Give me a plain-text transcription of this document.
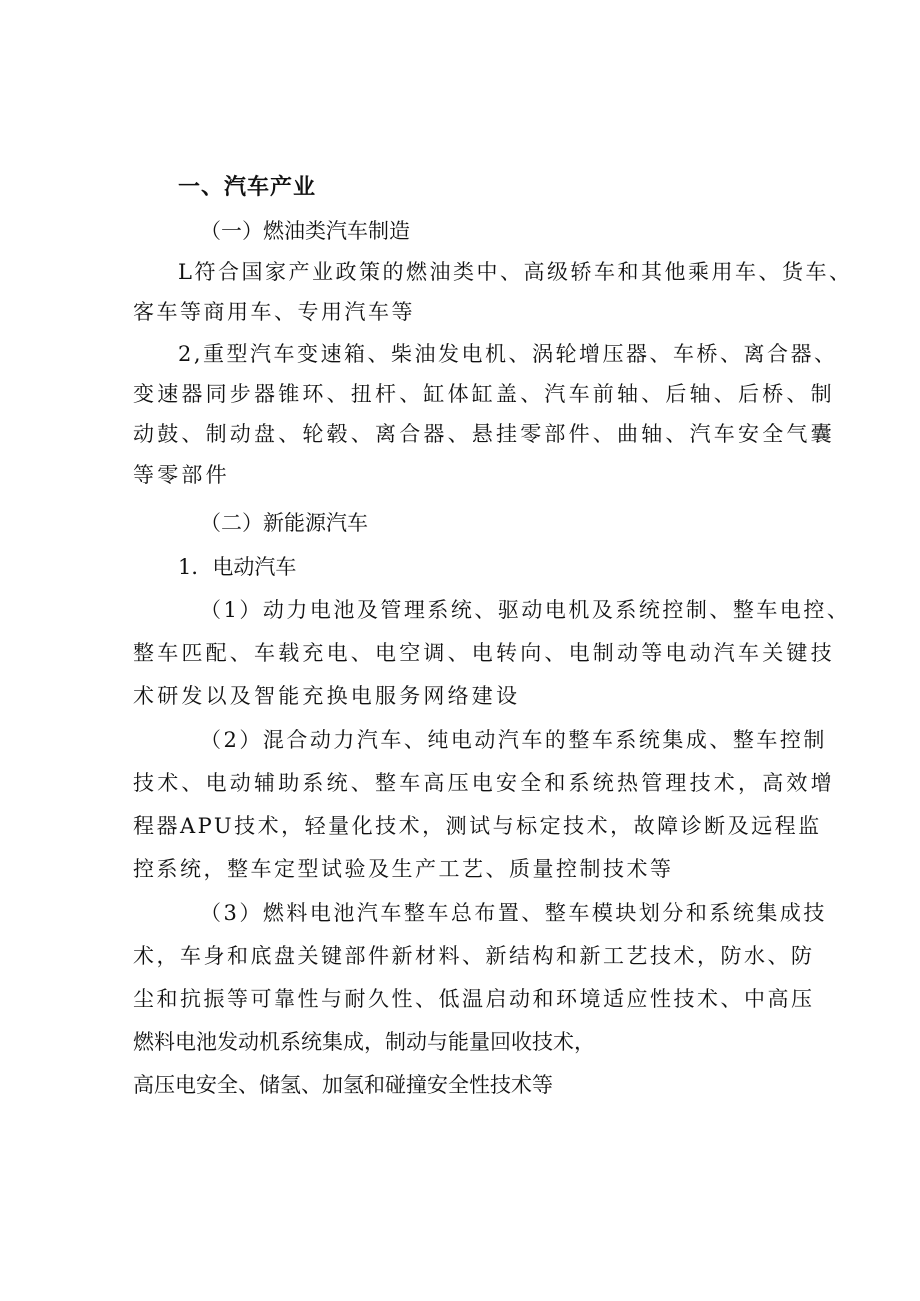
一、汽车产业
（一）燃油类汽车制造
L符合国家产业政策的燃油类中、高级轿车和其他乘用车、货车、
客车等商用车、专用汽车等
2,重型汽车变速箱、柴油发电机、涡轮增压器、车桥、离合器、
变速器同步器锥环、扭杆、缸体缸盖、汽车前轴、后轴、后桥、制
动鼓、制动盘、轮毂、离合器、悬挂零部件、曲轴、汽车安全气囊
等零部件
（二）新能源汽车
1．电动汽车
（1）动力电池及管理系统、驱动电机及系统控制、整车电控、
整车匹配、车载充电、电空调、电转向、电制动等电动汽车关键技
术研发以及智能充换电服务网络建设
（2）混合动力汽车、纯电动汽车的整车系统集成、整车控制
技术、电动辅助系统、整车高压电安全和系统热管理技术，高效增
程器APU技术，轻量化技术，测试与标定技术，故障诊断及远程监
控系统，整车定型试验及生产工艺、质量控制技术等
（3）燃料电池汽车整车总布置、整车模块划分和系统集成技
术，车身和底盘关键部件新材料、新结构和新工艺技术，防水、防
尘和抗振等可靠性与耐久性、低温启动和环境适应性技术、中高压
燃料电池发动机系统集成，制动与能量回收技术，
高压电安全、储氢、加氢和碰撞安全性技术等
